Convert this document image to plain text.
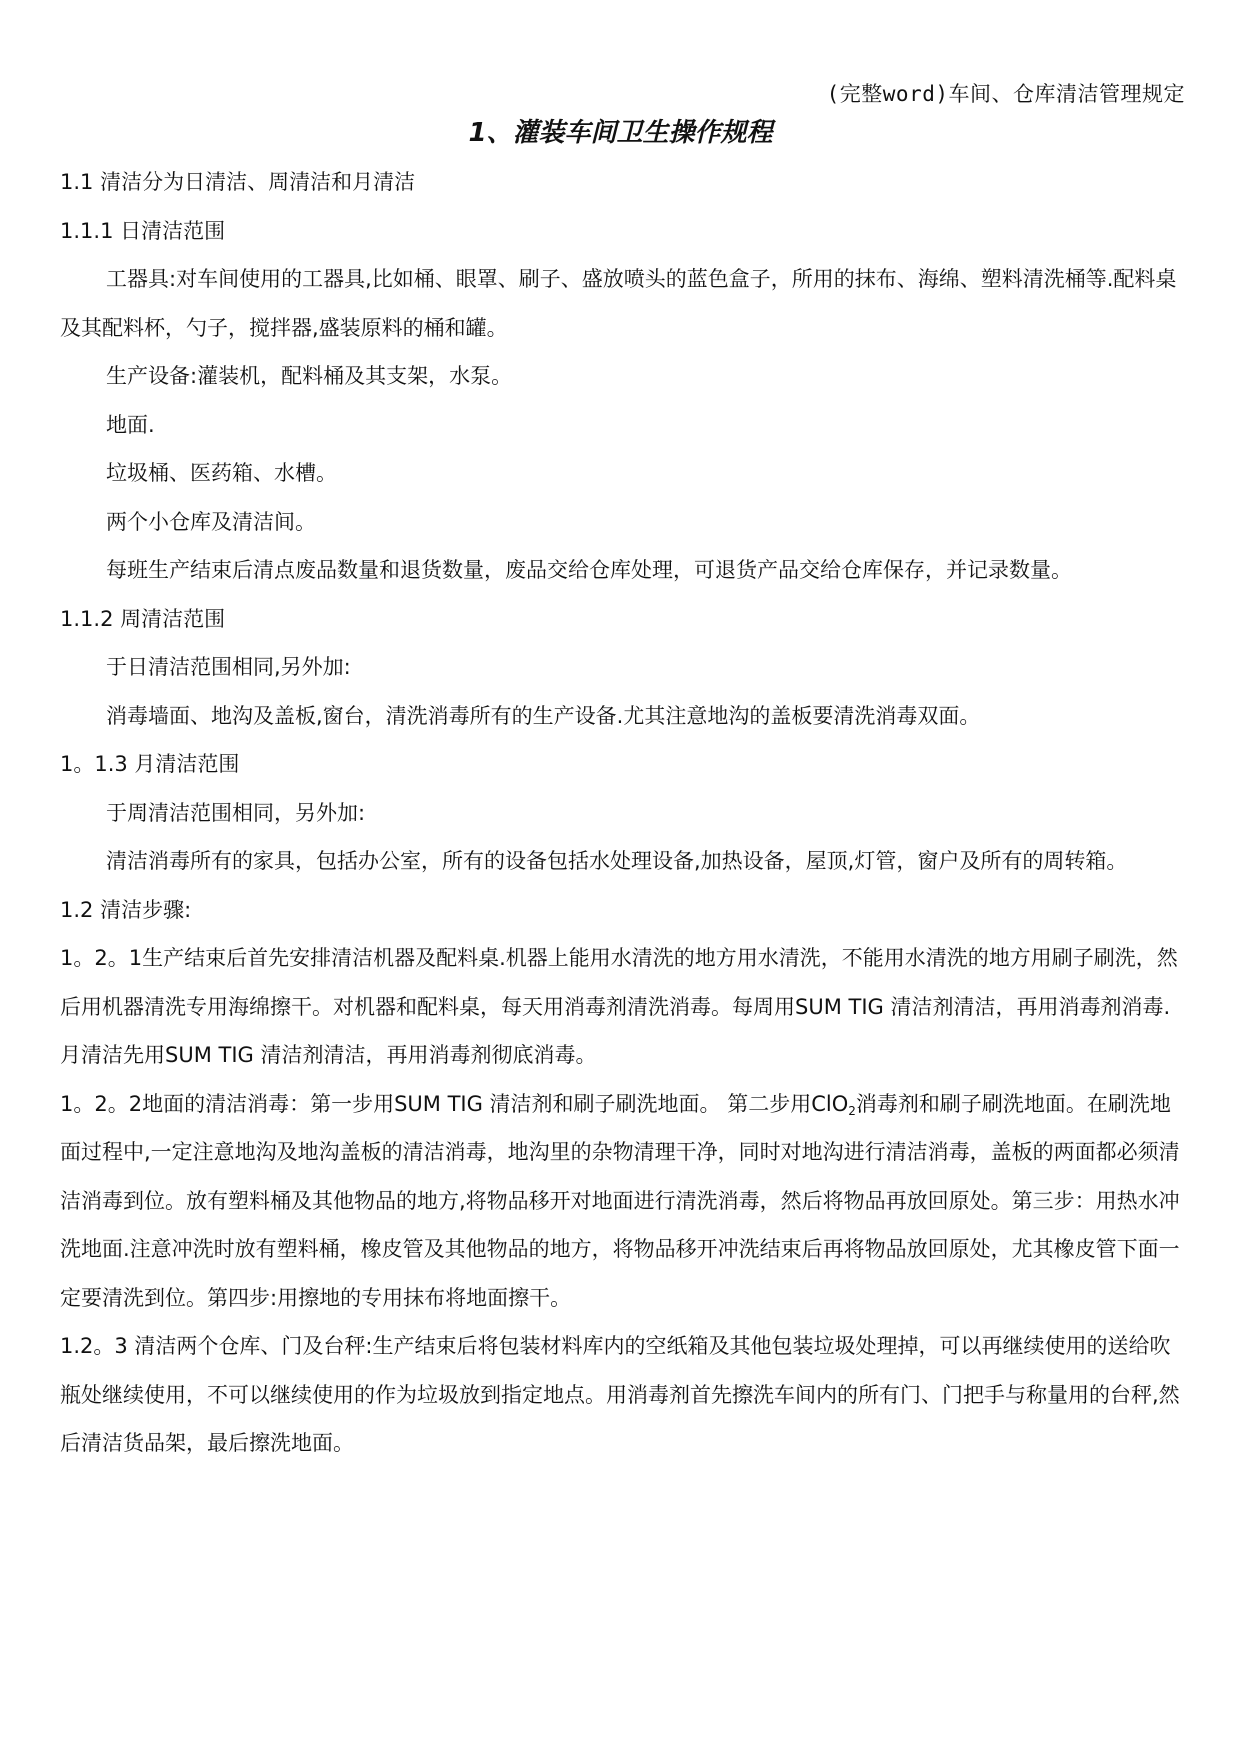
(完整word)车间、仓库清洁管理规定
1、灌装车间卫生操作规程

1.1 清洁分为日清洁、周清洁和月清洁

1.1.1 日清洁范围

工器具:对车间使用的工器具,比如桶、眼罩、刷子、盛放喷头的蓝色盒子，所用的抹布、海绵、塑料清洗桶等.配料桌及其配料杯，勺子，搅拌器,盛装原料的桶和罐。

生产设备:灌装机，配料桶及其支架，水泵。

地面.

垃圾桶、医药箱、水槽。

两个小仓库及清洁间。

每班生产结束后清点废品数量和退货数量，废品交给仓库处理，可退货产品交给仓库保存，并记录数量。

1.1.2 周清洁范围

于日清洁范围相同,另外加:

消毒墙面、地沟及盖板,窗台，清洗消毒所有的生产设备.尤其注意地沟的盖板要清洗消毒双面。

1。1.3 月清洁范围

于周清洁范围相同，另外加:

清洁消毒所有的家具，包括办公室，所有的设备包括水处理设备,加热设备，屋顶,灯管，窗户及所有的周转箱。

1.2 清洁步骤:

1。2。1生产结束后首先安排清洁机器及配料桌.机器上能用水清洗的地方用水清洗，不能用水清洗的地方用刷子刷洗，然后用机器清洗专用海绵擦干。对机器和配料桌，每天用消毒剂清洗消毒。每周用SUM TIG 清洁剂清洁，再用消毒剂消毒.月清洁先用SUM TIG 清洁剂清洁，再用消毒剂彻底消毒。

1。2。2地面的清洁消毒：第一步用SUM TIG 清洁剂和刷子刷洗地面。 第二步用ClO$_2$消毒剂和刷子刷洗地面。在刷洗地面过程中,一定注意地沟及地沟盖板的清洁消毒，地沟里的杂物清理干净，同时对地沟进行清洁消毒，盖板的两面都必须清洁消毒到位。放有塑料桶及其他物品的地方,将物品移开对地面进行清洗消毒，然后将物品再放回原处。第三步：用热水冲洗地面.注意冲洗时放有塑料桶，橡皮管及其他物品的地方，将物品移开冲洗结束后再将物品放回原处，尤其橡皮管下面一定要清洗到位。第四步:用擦地的专用抹布将地面擦干。

1.2。3 清洁两个仓库、门及台秤:生产结束后将包装材料库内的空纸箱及其他包装垃圾处理掉，可以再继续使用的送给吹瓶处继续使用，不可以继续使用的作为垃圾放到指定地点。用消毒剂首先擦洗车间内的所有门、门把手与称量用的台秤,然后清洁货品架，最后擦洗地面。
